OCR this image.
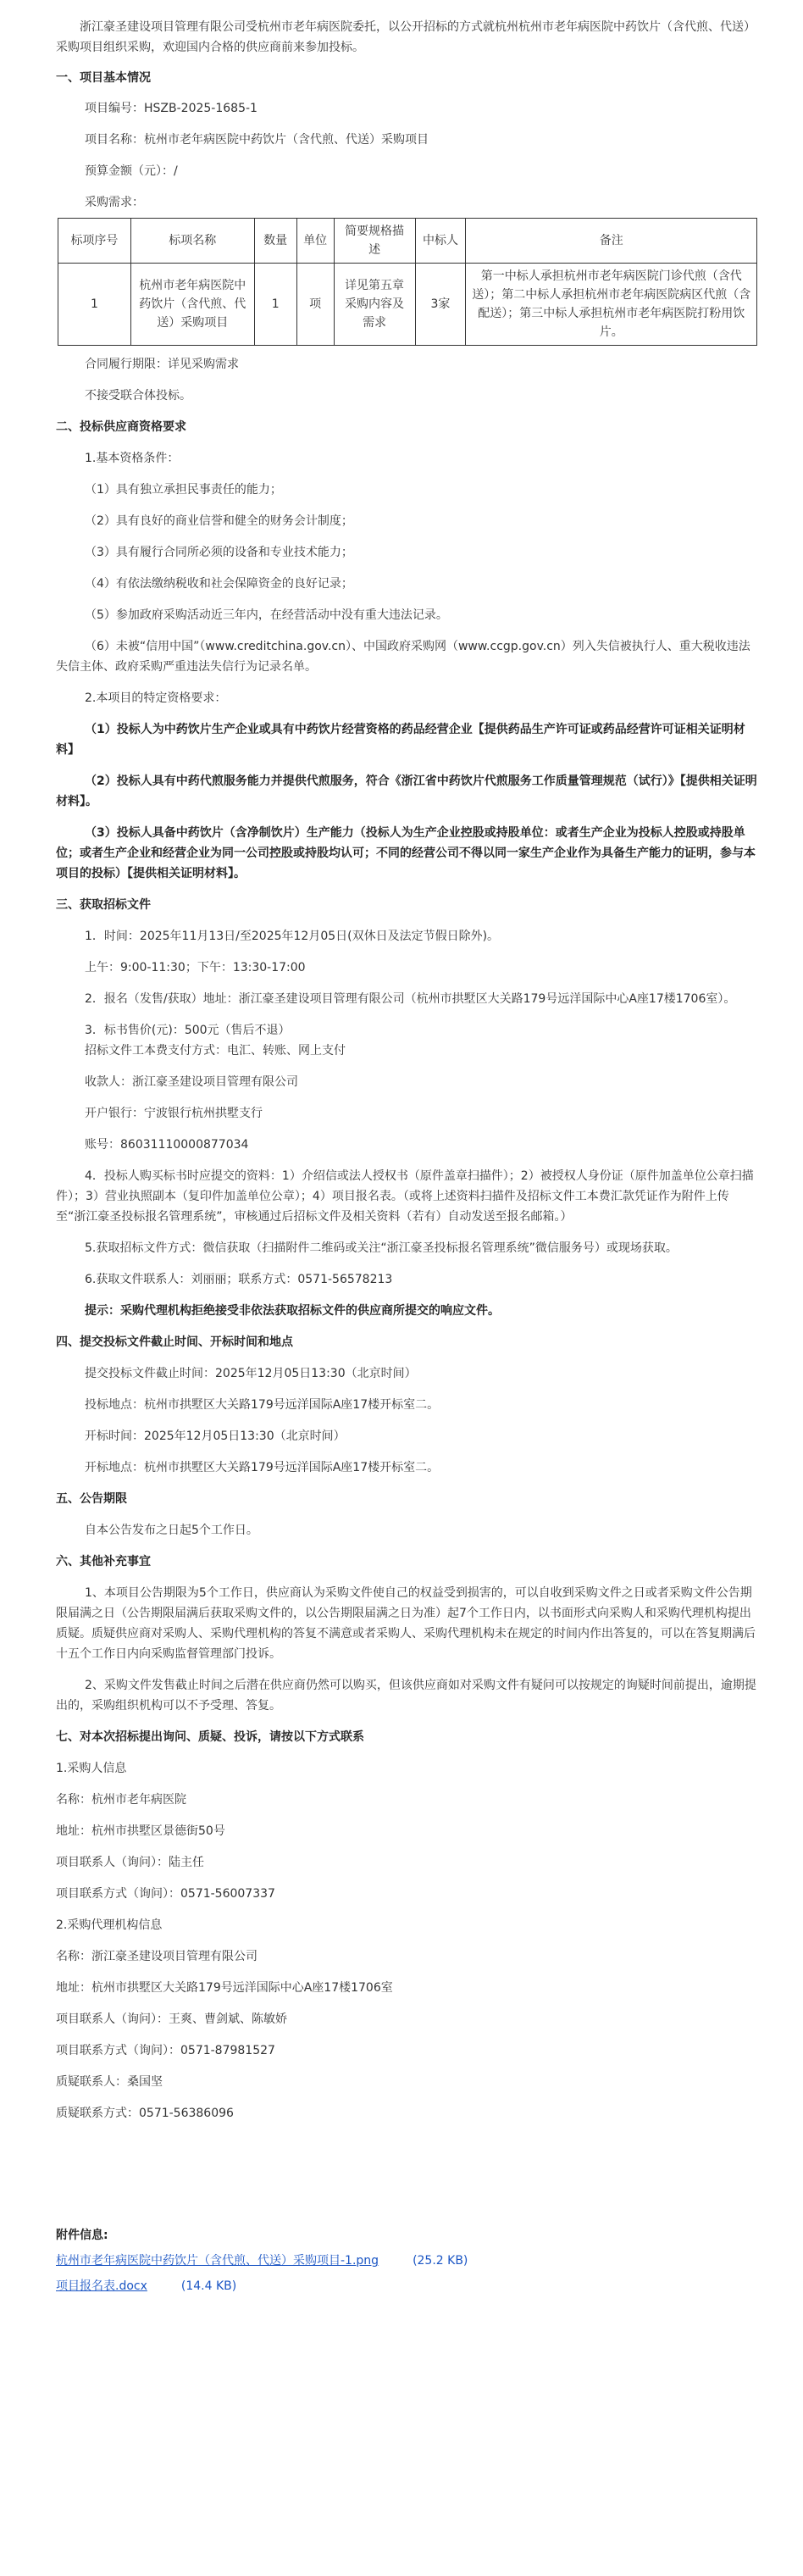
浙江豪圣建设项目管理有限公司受杭州市老年病医院委托，以公开招标的方式就杭州杭州市老年病医院中药饮片（含代煎、代送）采购项目组织采购，欢迎国内合格的供应商前来参加投标。

一、项目基本情况

项目编号：HSZB-2025-1685-1

项目名称：杭州市老年病医院中药饮片（含代煎、代送）采购项目

预算金额（元）：/

采购需求：

标项序号	标项名称	数量	单位	简要规格描述	中标人	备注
1	杭州市老年病医院中药饮片（含代煎、代送）采购项目	1	项	详见第五章采购内容及需求	3家	第一中标人承担杭州市老年病医院门诊代煎（含代送）；第二中标人承担杭州市老年病医院病区代煎（含配送）；第三中标人承担杭州市老年病医院打粉用饮片。

合同履行期限：详见采购需求

不接受联合体投标。

二、投标供应商资格要求

1.基本资格条件：

（1）具有独立承担民事责任的能力；

（2）具有良好的商业信誉和健全的财务会计制度；

（3）具有履行合同所必须的设备和专业技术能力；

（4）有依法缴纳税收和社会保障资金的良好记录；

（5）参加政府采购活动近三年内，在经营活动中没有重大违法记录。

（6）未被“信用中国”（www.creditchina.gov.cn）、中国政府采购网（www.ccgp.gov.cn）列入失信被执行人、重大税收违法失信主体、政府采购严重违法失信行为记录名单。

2.本项目的特定资格要求：

（1）投标人为中药饮片生产企业或具有中药饮片经营资格的药品经营企业【提供药品生产许可证或药品经营许可证相关证明材料】

（2）投标人具有中药代煎服务能力并提供代煎服务，符合《浙江省中药饮片代煎服务工作质量管理规范（试行）》【提供相关证明材料】。

（3）投标人具备中药饮片（含净制饮片）生产能力（投标人为生产企业控股或持股单位：或者生产企业为投标人控股或持股单位；或者生产企业和经营企业为同一公司控股或持股均认可；不同的经营公司不得以同一家生产企业作为具备生产能力的证明，参与本项目的投标）【提供相关证明材料】。

三、获取招标文件

1．时间：2025年11月13日/至2025年12月05日(双休日及法定节假日除外)。

上午：9:00-11:30；下午：13:30-17:00

2．报名（发售/获取）地址：浙江豪圣建设项目管理有限公司（杭州市拱墅区大关路179号远洋国际中心A座17楼1706室）。

3．标书售价(元)：500元（售后不退）

招标文件工本费支付方式：电汇、转账、网上支付

收款人：浙江豪圣建设项目管理有限公司

开户银行：宁波银行杭州拱墅支行

账号：86031110000877034

4．投标人购买标书时应提交的资料：1）介绍信或法人授权书（原件盖章扫描件）；2）被授权人身份证（原件加盖单位公章扫描件）；3）营业执照副本（复印件加盖单位公章）；4）项目报名表。（或将上述资料扫描件及招标文件工本费汇款凭证作为附件上传至“浙江豪圣投标报名管理系统”，审核通过后招标文件及相关资料（若有）自动发送至报名邮箱。）

5.获取招标文件方式：微信获取（扫描附件二维码或关注“浙江豪圣投标报名管理系统”微信服务号）或现场获取。

6.获取文件联系人：刘丽丽；联系方式：0571-56578213

提示：采购代理机构拒绝接受非依法获取招标文件的供应商所提交的响应文件。

四、提交投标文件截止时间、开标时间和地点

提交投标文件截止时间：2025年12月05日13:30（北京时间）

投标地点：杭州市拱墅区大关路179号远洋国际A座17楼开标室二。

开标时间：2025年12月05日13:30（北京时间）

开标地点：杭州市拱墅区大关路179号远洋国际A座17楼开标室二。

五、公告期限

自本公告发布之日起5个工作日。

六、其他补充事宜

1、本项目公告期限为5个工作日，供应商认为采购文件使自己的权益受到损害的，可以自收到采购文件之日或者采购文件公告期限届满之日（公告期限届满后获取采购文件的，以公告期限届满之日为准）起7个工作日内，以书面形式向采购人和采购代理机构提出质疑。质疑供应商对采购人、采购代理机构的答复不满意或者采购人、采购代理机构未在规定的时间内作出答复的，可以在答复期满后十五个工作日内向采购监督管理部门投诉。

2、采购文件发售截止时间之后潜在供应商仍然可以购买，但该供应商如对采购文件有疑问可以按规定的询疑时间前提出，逾期提出的，采购组织机构可以不予受理、答复。

七、对本次招标提出询问、质疑、投诉，请按以下方式联系

1.采购人信息

名称：杭州市老年病医院

地址：杭州市拱墅区景德街50号

项目联系人（询问）：陆主任

项目联系方式（询问）：0571-56007337

2.采购代理机构信息

名称：浙江豪圣建设项目管理有限公司

地址：杭州市拱墅区大关路179号远洋国际中心A座17楼1706室

项目联系人（询问）：王爽、曹剑斌、陈敏娇

项目联系方式（询问）：0571-87981527

质疑联系人：桑国坚

质疑联系方式：0571-56386096

附件信息:

杭州市老年病医院中药饮片（含代煎、代送）采购项目-1.png	(25.2 KB)

项目报名表.docx	(14.4 KB)
